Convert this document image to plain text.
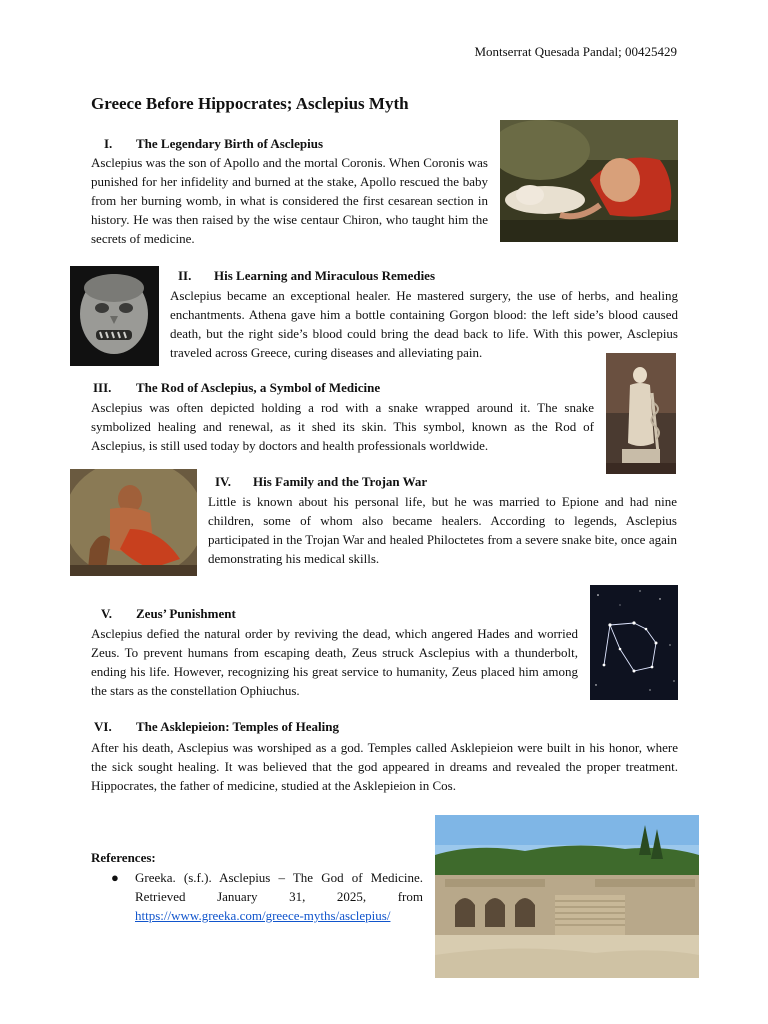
Montserrat Quesada Pandal; 00425429
Greece Before Hippocrates; Asclepius Myth
I. The Legendary Birth of Asclepius
Asclepius was the son of Apollo and the mortal Coronis. When Coronis was punished for her infidelity and burned at the stake, Apollo rescued the baby from her burning womb, in what is considered the first cesarean section in history. He was then raised by the wise centaur Chiron, who taught him the secrets of medicine.
II. His Learning and Miraculous Remedies
Asclepius became an exceptional healer. He mastered surgery, the use of herbs, and healing enchantments. Athena gave him a bottle containing Gorgon blood: the left side’s blood caused death, but the right side’s blood could bring the dead back to life. With this power, Asclepius traveled across Greece, curing diseases and alleviating pain.
III. The Rod of Asclepius, a Symbol of Medicine
Asclepius was often depicted holding a rod with a snake wrapped around it. The snake symbolized healing and renewal, as it shed its skin. This symbol, known as the Rod of Asclepius, is still used today by doctors and health professionals worldwide.
IV. His Family and the Trojan War
Little is known about his personal life, but he was married to Epione and had nine children, some of whom also became healers. According to legends, Asclepius participated in the Trojan War and healed Philoctetes from a severe snake bite, once again demonstrating his medical skills.
V. Zeus’ Punishment
Asclepius defied the natural order by reviving the dead, which angered Hades and worried Zeus. To prevent humans from escaping death, Zeus struck Asclepius with a thunderbolt, ending his life. However, recognizing his great service to humanity, Zeus placed him among the stars as the constellation Ophiuchus.
VI. The Asklepieion: Temples of Healing
After his death, Asclepius was worshiped as a god. Temples called Asklepieion were built in his honor, where the sick sought healing. It was believed that the god appeared in dreams and revealed the proper treatment. Hippocrates, the father of medicine, studied at the Asklepieion in Cos.
References:
● Greeka. (s.f.). Asclepius – The God of Medicine. Retrieved January 31, 2025, from
https://www.greeka.com/greece-myths/asclepius/
